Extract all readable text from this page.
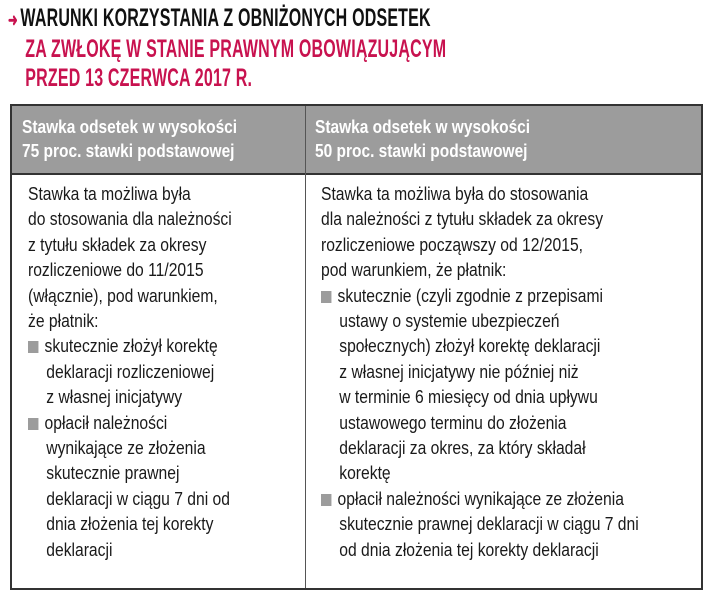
➜ WARUNKI KORZYSTANIA Z OBNIŻONYCH ODSETEK
ZA ZWŁOKĘ W STANIE PRAWNYM OBOWIĄZUJĄCYM
PRZED 13 CZERWCA 2017 R.
Stawka odsetek w wysokości
75 proc. stawki podstawowej
Stawka odsetek w wysokości
50 proc. stawki podstawowej
Stawka ta możliwa była
do stosowania dla należności
z tytułu składek za okresy
rozliczeniowe do 11/2015
(włącznie), pod warunkiem,
że płatnik:
skutecznie złożył korektę
deklaracji rozliczeniowej
z własnej inicjatywy
opłacił należności
wynikające ze złożenia
skutecznie prawnej
deklaracji w ciągu 7 dni od
dnia złożenia tej korekty
deklaracji
Stawka ta możliwa była do stosowania
dla należności z tytułu składek za okresy
rozliczeniowe począwszy od 12/2015,
pod warunkiem, że płatnik:
skutecznie (czyli zgodnie z przepisami
ustawy o systemie ubezpieczeń
społecznych) złożył korektę deklaracji
z własnej inicjatywy nie później niż
w terminie 6 miesięcy od dnia upływu
ustawowego terminu do złożenia
deklaracji za okres, za który składał
korektę
opłacił należności wynikające ze złożenia
skutecznie prawnej deklaracji w ciągu 7 dni
od dnia złożenia tej korekty deklaracji
